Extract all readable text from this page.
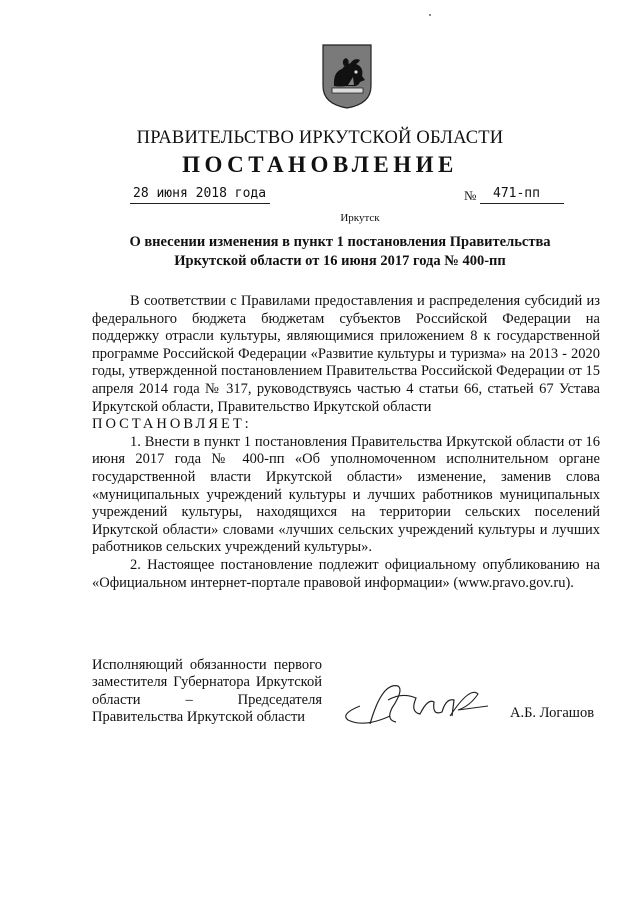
ПРАВИТЕЛЬСТВО ИРКУТСКОЙ ОБЛАСТИ
ПОСТАНОВЛЕНИЕ
28 июня 2018 года	№ 471-пп
Иркутск
О внесении изменения в пункт 1 постановления Правительства
Иркутской области от 16 июня 2017 года № 400-пп

В соответствии с Правилами предоставления и распределения субсидий из федерального бюджета бюджетам субъектов Российской Федерации на поддержку отрасли культуры, являющимися приложением 8 к государственной программе Российской Федерации «Развитие культуры и туризма» на 2013 - 2020 годы, утвержденной постановлением Правительства Российской Федерации от 15 апреля 2014 года № 317, руководствуясь частью 4 статьи 66, статьей 67 Устава Иркутской области, Правительство Иркутской области

ПОСТАНОВЛЯЕТ:

1. Внести в пункт 1 постановления Правительства Иркутской области от 16 июня 2017 года № 400-пп «Об уполномоченном исполнительном органе государственной власти Иркутской области» изменение, заменив слова «муниципальных учреждений культуры и лучших работников муниципальных учреждений культуры, находящихся на территории сельских поселений Иркутской области» словами «лучших сельских учреждений культуры и лучших работников сельских учреждений культуры».

2. Настоящее постановление подлежит официальному опубликованию на «Официальном интернет-портале правовой информации» (www.pravo.gov.ru).

Исполняющий обязанности первого заместителя Губернатора Иркутской области – Председателя Правительства Иркутской области	А.Б. Логашов
